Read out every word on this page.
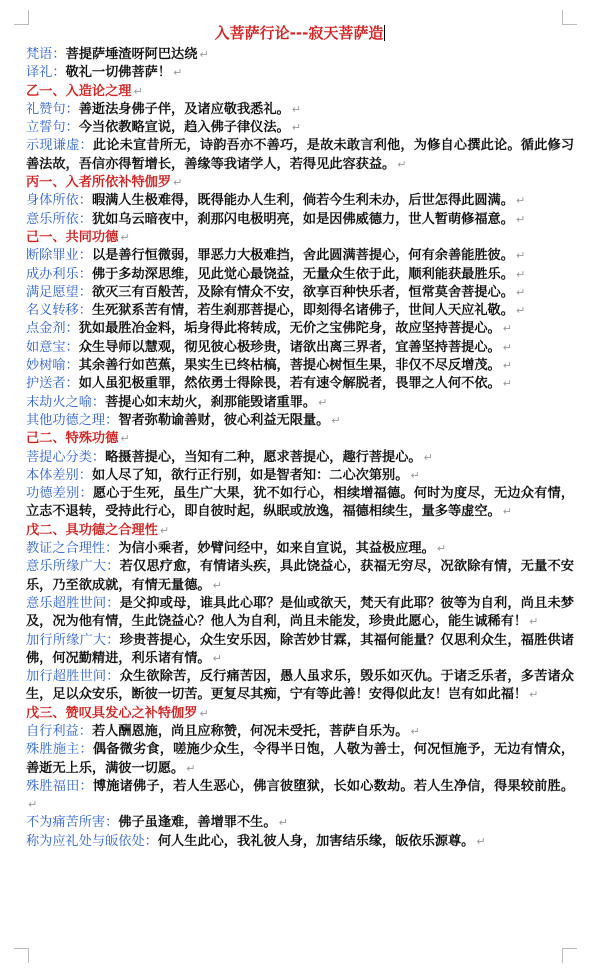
入菩萨行论---寂天菩萨造

梵语：菩提萨埵渣呀阿巴达绕 ↵

译礼：敬礼一切佛菩萨！ ↵

乙一、入造论之理 ↵

礼赞句：善逝法身佛子伴，及诸应敬我悉礼。 ↵

立誓句：今当依教略宣说，趋入佛子律仪法。 ↵

示现谦虚：此论未宣昔所无，诗韵吾亦不善巧，是故未敢言利他，为修自心撰此论。循此修习善法故，吾信亦得暂增长，善缘等我诸学人，若得见此容获益。 ↵

丙一、入者所依补特伽罗 ↵

身体所依：暇满人生极难得，既得能办人生利，倘若今生利未办，后世怎得此圆满。 ↵

意乐所依：犹如乌云暗夜中，刹那闪电极明亮，如是因佛威德力，世人暂萌修福意。 ↵

己一、共同功德 ↵

断除罪业：以是善行恒微弱，罪恶力大极难挡，舍此圆满菩提心，何有余善能胜彼。 ↵

成办利乐：佛于多劫深思维，见此觉心最饶益，无量众生依于此，顺利能获最胜乐。 ↵

满足愿望：欲灭三有百般苦，及除有情众不安，欲享百种快乐者，恒常莫舍菩提心。 ↵

名义转移：生死狱系苦有情，若生刹那菩提心，即刻得名诸佛子，世间人天应礼敬。 ↵

点金剂：犹如最胜冶金料，垢身得此将转成，无价之宝佛陀身，故应坚持菩提心。 ↵

如意宝：众生导师以慧观，彻见彼心极珍贵，诸欲出离三界者，宜善坚持菩提心。 ↵

妙树喻：其余善行如芭蕉，果实生已终枯槁，菩提心树恒生果，非仅不尽反增茂。 ↵

护送者：如人虽犯极重罪，然依勇士得除畏，若有速令解脱者，畏罪之人何不依。 ↵

末劫火之喻：菩提心如末劫火，刹那能毁诸重罪。 ↵

其他功德之理：智者弥勒谕善财，彼心利益无限量。 ↵

己二、特殊功德 ↵

菩提心分类：略摄菩提心，当知有二种，愿求菩提心，趣行菩提心。 ↵

本体差别：如人尽了知，欲行正行别，如是智者知：二心次第别。 ↵

功德差别：愿心于生死，虽生广大果，犹不如行心，相续增福德。何时为度尽，无边众有情，立志不退转，受持此行心，即自彼时起，纵眠或放逸，福德相续生，量多等虚空。 ↵

戊二、具功德之合理性 ↵

教证之合理性：为信小乘者，妙臂问经中，如来自宣说，其益极应理。 ↵

意乐所缘广大：若仅思疗愈，有情诸头疾，具此饶益心，获福无穷尽，况欲除有情，无量不安乐，乃至欲成就，有情无量德。 ↵

意乐超胜世间：是父抑或母，谁具此心耶？是仙或欲天，梵天有此耶？彼等为自利，尚且未梦及，况为他有情，生此饶益心？他人为自利，尚且未能发，珍贵此愿心，能生诚稀有！ ↵

加行所缘广大：珍贵菩提心，众生安乐因，除苦妙甘霖，其福何能量？仅思利众生，福胜供诸佛，何况勤精进，利乐诸有情。 ↵

加行超胜世间：众生欲除苦，反行痛苦因，愚人虽求乐，毁乐如灭仇。于诸乏乐者，多苦诸众生，足以众安乐，断彼一切苦。更复尽其痴，宁有等此善！安得似此友！岂有如此福！ ↵

戊三、赞叹具发心之补特伽罗 ↵

自行利益：若人酬恩施，尚且应称赞，何况未受托，菩萨自乐为。 ↵

殊胜施主：偶备微劣食，嗟施少众生，令得半日饱，人敬为善士，何况恒施予，无边有情众，善逝无上乐，满彼一切愿。 ↵

殊胜福田：博施诸佛子，若人生恶心，佛言彼堕狱，长如心数劫。若人生净信，得果较前胜。↵

不为痛苦所害：佛子虽逢难，善增罪不生。 ↵

称为应礼处与皈依处：何人生此心，我礼彼人身，加害结乐缘，皈依乐源尊。 ↵
